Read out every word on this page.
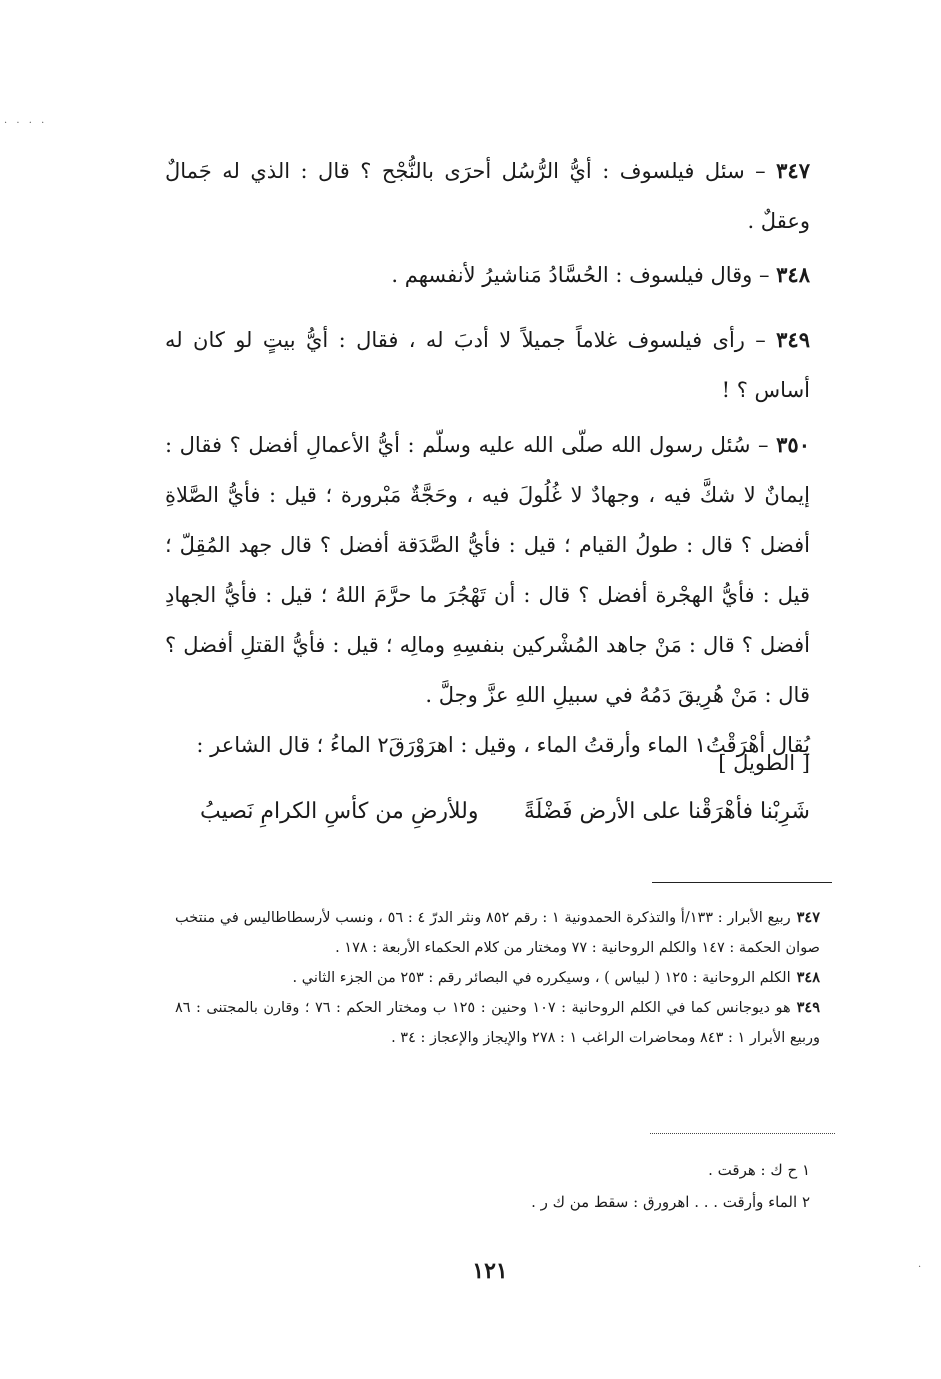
· · · ·

٣٤٧ – سئل فيلسوف : أيُّ الرُّسُل أحرَى بالنُّجْح ؟ قال : الذي له جَمالٌ وعقلٌ .

٣٤٨ – وقال فيلسوف : الحُسَّادُ مَناشيرُ لأنفسهم .

٣٤٩ – رأى فيلسوف غلاماً جميلاً لا أدبَ له ، فقال : أيُّ بيتٍ لو كان له أساس ؟ !

٣٥٠ – سُئل رسول الله صلّى الله عليه وسلّم : أيُّ الأعمالِ أفضل ؟ فقال : إيمانٌ لا شكَّ فيه ، وجهادٌ لا غُلُولَ فيه ، وحَجَّةٌ مَبْرورة ؛ قيل : فأيُّ الصَّلاةِ أفضل ؟ قال : طولُ القيام ؛ قيل : فأيُّ الصَّدَقة أفضل ؟ قال جهد المُقِلّ ؛ قيل : فأيُّ الهجْرة أفضل ؟ قال : أن تَهْجُرَ ما حرَّمَ اللهُ ؛ قيل : فأيُّ الجهادِ أفضل ؟ قال : مَنْ جاهد المُشْركين بنفسِهِ ومالِه ؛ قيل : فأيُّ القتلِ أفضل ؟ قال : مَنْ هُرِيقَ دَمُهُ في سبيلِ اللهِ عزَّ وجلَّ .

يُقال أهْرَقْتُ١ الماء وأرقتُ الماء ، وقيل : اهرَوْرَقَ٢ الماءُ ؛ قال الشاعر :

[ الطويل ]
شَرِبْنا فأهْرَقْنا على الأرض فَضْلَةً
وللأرضِ من كأسِ الكرامِ نَصيبُ

٣٤٧ربيع الأبرار : ١٣٣/أ والتذكرة الحمدونية ١ : رقم ٨٥٢ ونثر الدرّ ٤ : ٥٦ ، ونسب لأرسطاطاليس في منتخب صوان الحكمة : ١٤٧ والكلم الروحانية : ٧٧ ومختار من كلام الحكماء الأربعة : ١٧٨ .

٣٤٨الكلم الروحانية : ١٢٥ ( لبياس ) ، وسيكرره في البصائر رقم : ٢٥٣ من الجزء الثاني .

٣٤٩هو ديوجانس كما في الكلم الروحانية : ١٠٧ وحنين : ١٢٥ ب ومختار الحكم : ٧٦ ؛ وقارن بالمجتنى : ٨٦ وربيع الأبرار ١ : ٨٤٣ ومحاضرات الراغب ١ : ٢٧٨ والإيجاز والإعجاز : ٣٤ .

١ ح ك : هرقت .

٢ الماء وأرقت . . . اهرورق : سقط من ك ر .

١٢١	·
